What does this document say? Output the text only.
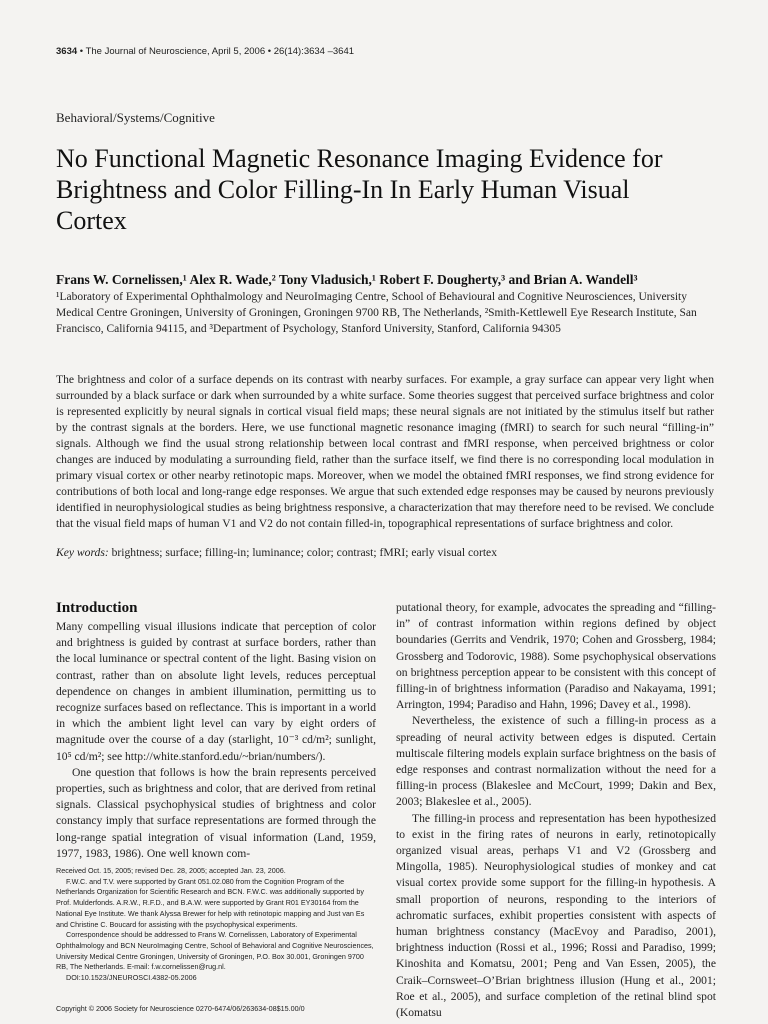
3634 • The Journal of Neuroscience, April 5, 2006 • 26(14):3634 –3641
Behavioral/Systems/Cognitive
No Functional Magnetic Resonance Imaging Evidence for Brightness and Color Filling-In In Early Human Visual Cortex
Frans W. Cornelissen,¹ Alex R. Wade,² Tony Vladusich,¹ Robert F. Dougherty,³ and Brian A. Wandell³
¹Laboratory of Experimental Ophthalmology and NeuroImaging Centre, School of Behavioural and Cognitive Neurosciences, University Medical Centre Groningen, University of Groningen, Groningen 9700 RB, The Netherlands, ²Smith-Kettlewell Eye Research Institute, San Francisco, California 94115, and ³Department of Psychology, Stanford University, Stanford, California 94305
The brightness and color of a surface depends on its contrast with nearby surfaces. For example, a gray surface can appear very light when surrounded by a black surface or dark when surrounded by a white surface. Some theories suggest that perceived surface brightness and color is represented explicitly by neural signals in cortical visual field maps; these neural signals are not initiated by the stimulus itself but rather by the contrast signals at the borders. Here, we use functional magnetic resonance imaging (fMRI) to search for such neural “filling-in” signals. Although we find the usual strong relationship between local contrast and fMRI response, when perceived brightness or color changes are induced by modulating a surrounding field, rather than the surface itself, we find there is no corresponding local modulation in primary visual cortex or other nearby retinotopic maps. Moreover, when we model the obtained fMRI responses, we find strong evidence for contributions of both local and long-range edge responses. We argue that such extended edge responses may be caused by neurons previously identified in neurophysiological studies as being brightness responsive, a characterization that may therefore need to be revised. We conclude that the visual field maps of human V1 and V2 do not contain filled-in, topographical representations of surface brightness and color.
Key words: brightness; surface; filling-in; luminance; color; contrast; fMRI; early visual cortex
Introduction

Many compelling visual illusions indicate that perception of color and brightness is guided by contrast at surface borders, rather than the local luminance or spectral content of the light. Basing vision on contrast, rather than on absolute light levels, reduces perceptual dependence on changes in ambient illumination, permitting us to recognize surfaces based on reflectance. This is important in a world in which the ambient light level can vary by eight orders of magnitude over the course of a day (starlight, 10⁻³ cd/m²; sunlight, 10⁵ cd/m²; see http://white.stanford.edu/~brian/numbers/).

One question that follows is how the brain represents perceived properties, such as brightness and color, that are derived from retinal signals. Classical psychophysical studies of brightness and color constancy imply that surface representations are formed through the long-range spatial integration of visual information (Land, 1959, 1977, 1983, 1986). One well known com-

putational theory, for example, advocates the spreading and “filling-in” of contrast information within regions defined by object boundaries (Gerrits and Vendrik, 1970; Cohen and Grossberg, 1984; Grossberg and Todorovic, 1988). Some psychophysical observations on brightness perception appear to be consistent with this concept of filling-in of brightness information (Paradiso and Nakayama, 1991; Arrington, 1994; Paradiso and Hahn, 1996; Davey et al., 1998).

Nevertheless, the existence of such a filling-in process as a spreading of neural activity between edges is disputed. Certain multiscale filtering models explain surface brightness on the basis of edge responses and contrast normalization without the need for a filling-in process (Blakeslee and McCourt, 1999; Dakin and Bex, 2003; Blakeslee et al., 2005).

The filling-in process and representation has been hypothesized to exist in the firing rates of neurons in early, retinotopically organized visual areas, perhaps V1 and V2 (Grossberg and Mingolla, 1985). Neurophysiological studies of monkey and cat visual cortex provide some support for the filling-in hypothesis. A small proportion of neurons, responding to the interiors of achromatic surfaces, exhibit properties consistent with aspects of human brightness constancy (MacEvoy and Paradiso, 2001), brightness induction (Rossi et al., 1996; Rossi and Paradiso, 1999; Kinoshita and Komatsu, 2001; Peng and Van Essen, 2005), the Craik–Cornsweet–O’Brian brightness illusion (Hung et al., 2001; Roe et al., 2005), and surface completion of the retinal blind spot (Komatsu

Received Oct. 15, 2005; revised Dec. 28, 2005; accepted Jan. 23, 2006.

F.W.C. and T.V. were supported by Grant 051.02.080 from the Cognition Program of the Netherlands Organization for Scientific Research and BCN. F.W.C. was additionally supported by Prof. Mulderfonds. A.R.W., R.F.D., and B.A.W. were supported by Grant R01 EY30164 from the National Eye Institute. We thank Alyssa Brewer for help with retinotopic mapping and Just van Es and Christine C. Boucard for assisting with the psychophysical experiments.

Correspondence should be addressed to Frans W. Cornelissen, Laboratory of Experimental Ophthalmology and BCN NeuroImaging Centre, School of Behavioral and Cognitive Neurosciences, University Medical Centre Groningen, University of Groningen, P.O. Box 30.001, Groningen 9700 RB, The Netherlands. E-mail: f.w.cornelissen@rug.nl.

DOI:10.1523/JNEUROSCI.4382-05.2006

Copyright © 2006 Society for Neuroscience 0270-6474/06/263634-08$15.00/0
